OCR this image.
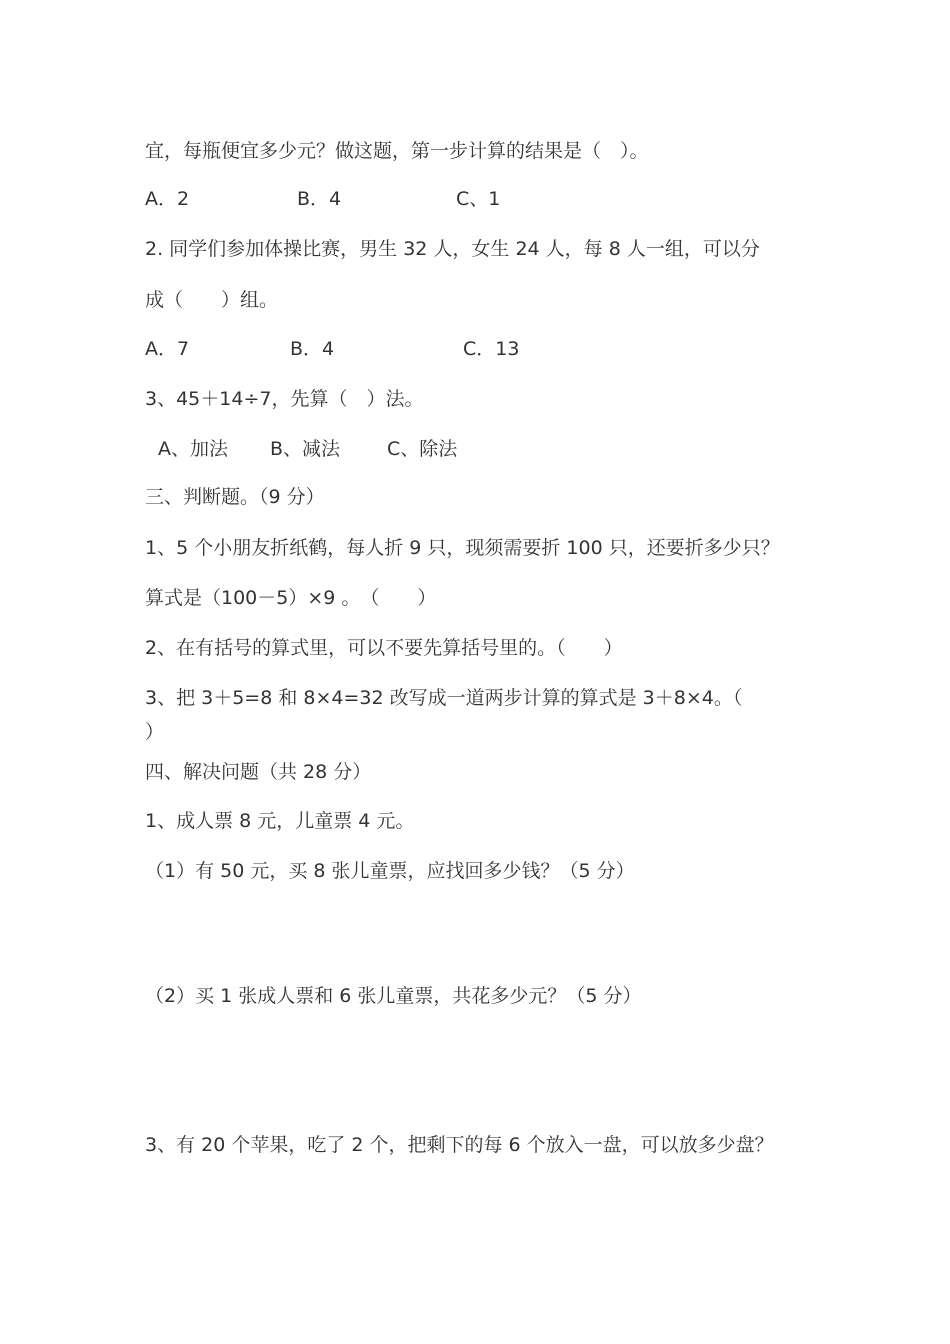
宜，每瓶便宜多少元？做这题，第一步计算的结果是（　）。
A．2	B．4	C、1
2. 同学们参加体操比赛，男生 32 人，女生 24 人，每 8 人一组，可以分
成（　　）组。
A．7	B．4	C．13
3、45＋14÷7，先算（　）法。
A、加法 B、减法 C、除法
三、判断题。（9 分）
1、5 个小朋友折纸鹤，每人折 9 只，现须需要折 100 只，还要折多少只？
算式是（100－5）×9 。　（　　）
2、在有括号的算式里，可以不要先算括号里的。（　　）
3、把 3＋5=8 和 8×4=32 改写成一道两步计算的算式是 3＋8×4。（
）
四、解决问题（共 28 分）
1、成人票 8 元，儿童票 4 元。
（1）有 50 元，买 8 张儿童票，应找回多少钱？（5 分）
（2）买 1 张成人票和 6 张儿童票，共花多少元？（5 分）
3、有 20 个苹果，吃了 2 个，把剩下的每 6 个放入一盘，可以放多少盘？
